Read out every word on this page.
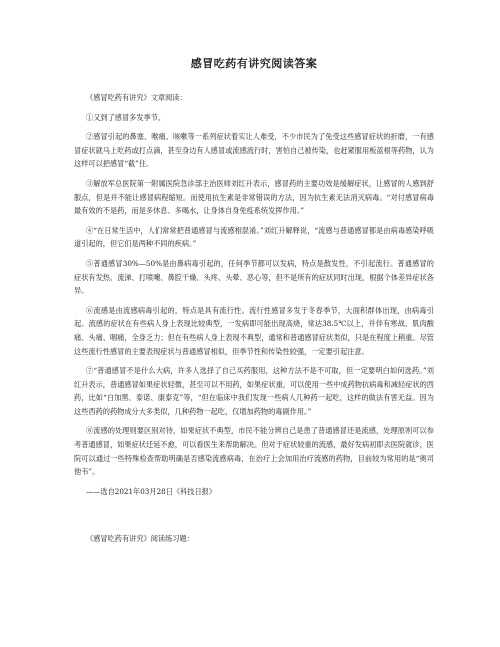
感冒吃药有讲究阅读答案
《感冒吃药有讲究》文章阅读：
①又到了感冒多发季节。
②感冒引起的鼻塞、喉痛、咳嗽等一系列症状着实让人难受，不少市民为了免受这些感冒症状的折磨，一有感冒症状就马上吃药或打点滴，甚至身边有人感冒或流感流行时，害怕自己被传染，也赶紧服用板蓝根等药物，认为这样可以把感冒“截”住。
③解放军总医院第一附属医院急诊部主治医师刘红升表示，感冒药的主要功效是缓解症状，让感冒的人感到舒服点，但是并不能让感冒病程缩短。而使用抗生素是非常错误的方法，因为抗生素无法消灭病毒。“对付感冒病毒最有效的不是药，而是多休息、多喝水，让身体自身免疫系统发挥作用。”
④“在日常生活中，人们常常把普通感冒与流感相混淆。”刘红升解释说，“流感与普通感冒都是由病毒感染呼吸道引起的，但它们是两种不同的疾病。”
⑤普通感冒30%—50%是由鼻病毒引起的，任何季节都可以发病，特点是散发性，不引起流行。普通感冒的症状有发热、流涕、打喷嚏、鼻腔干燥、头疼、头晕、恶心等，但不是所有的症状同时出现，根据个体差异症状各异。
⑥流感是由流感病毒引起的，特点是具有流行性。流行性感冒多发于冬春季节，大面积群体出现，由病毒引起。流感的症状在有些病人身上表现比较典型，一发病即可能出现高烧，常达38.5℃以上，并伴有寒战、肌肉酸痛、头痛、咽痛，全身乏力；但在有些病人身上表现不典型，通常和普通感冒症状类似，只是在程度上稍重。尽管这些流行性感冒的主要表现症状与普通感冒相似，但季节性和传染性较强，一定要引起注意。
⑦“普通感冒不是什么大病，许多人选择了自己买药服用，这种方法不是不可取，但一定要明白如何选药。”刘红升表示，普通感冒如果症状轻微，甚至可以不用药，如果症状重，可以使用一些中成药物抗病毒和减轻症状的西药，比如“白加黑、泰诺、康泰克”等，“但在临床中我们发现一些病人几种药一起吃，这样的做法有害无益。因为这些西药的药物成分大多类似，几种药物一起吃，仅增加药物的毒副作用。”
⑧流感的处理则要区别对待，如果症状不典型，市民不能分辨自己是患了普通感冒还是流感，处理原则可以参考普通感冒，如果症状迁延不愈，可以看医生来帮助解决。但对于症状较重的流感，最好发病初即去医院就诊，医院可以通过一些特殊检查帮助明确是否感染流感病毒，在治疗上会加用治疗流感的药物，目前较为常用的是“奥司他韦”。
——选自2021年03月28日《科技日报》
《感冒吃药有讲究》阅读练习题：
